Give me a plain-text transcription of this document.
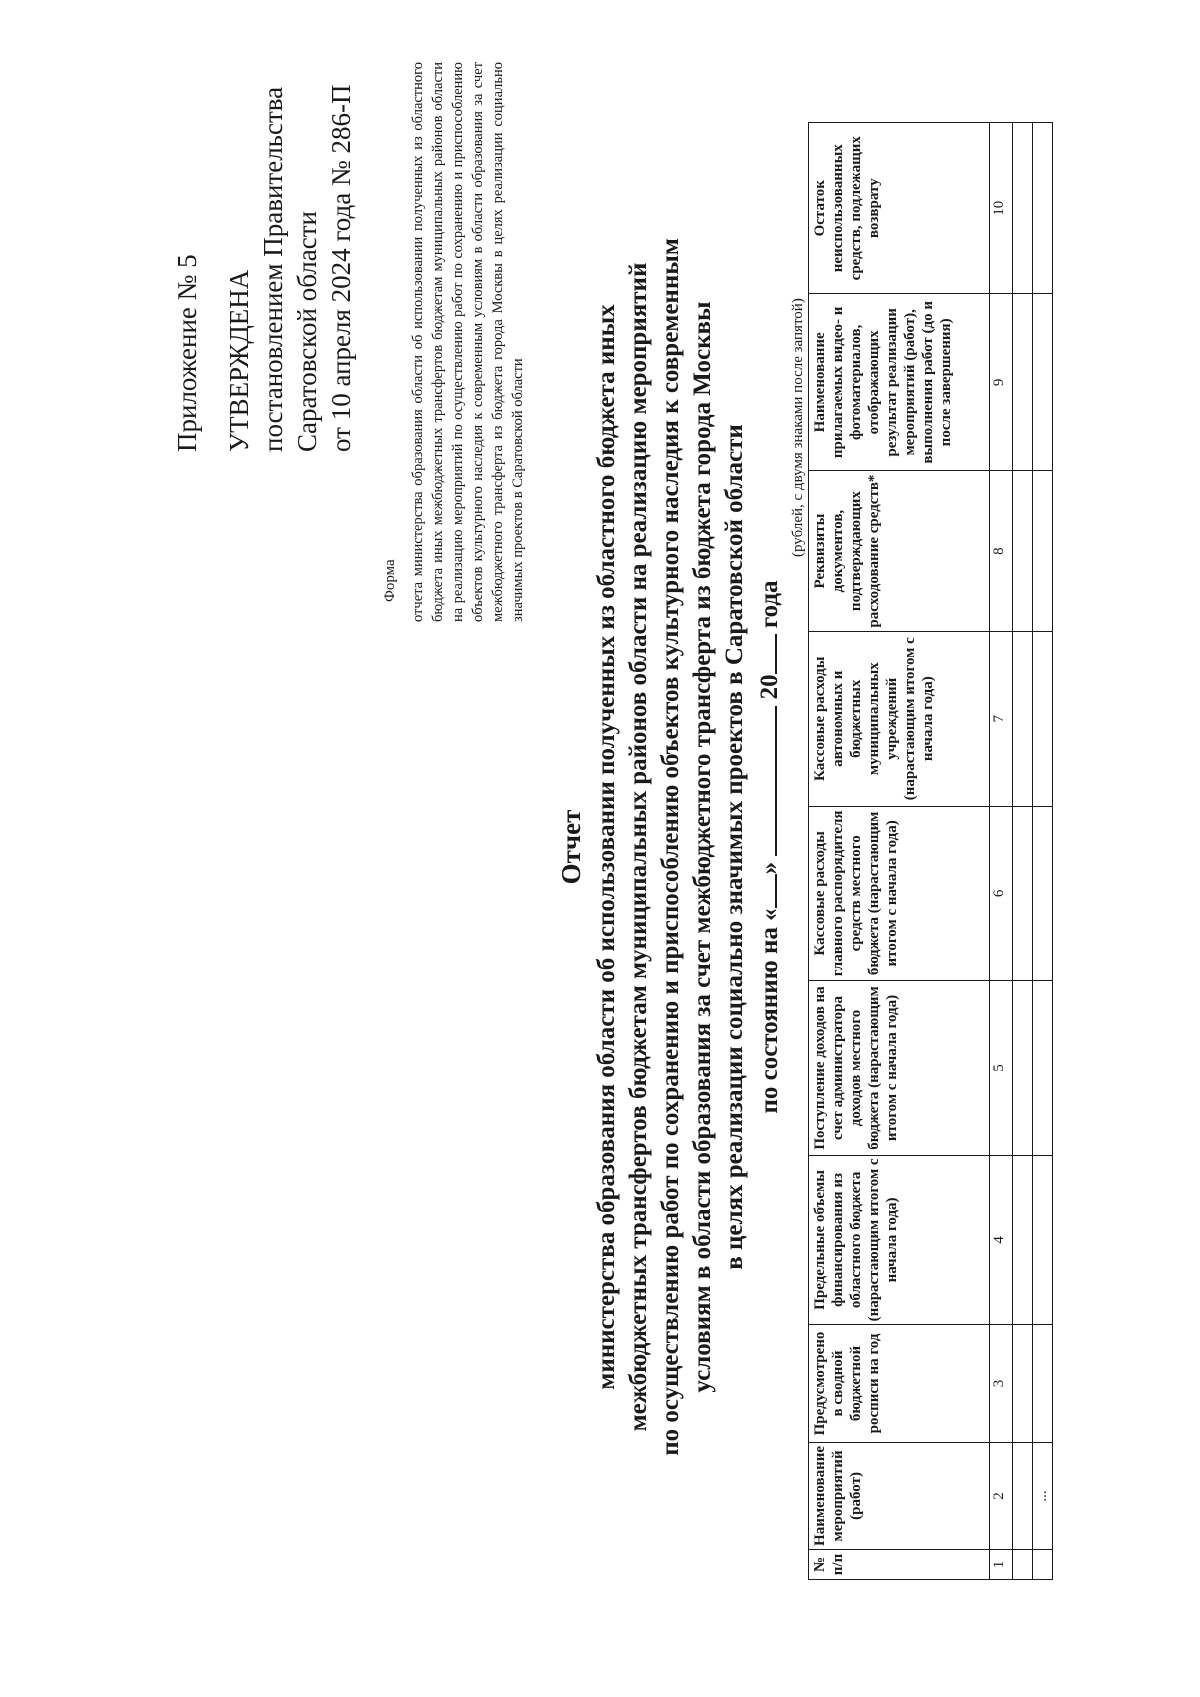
Приложение № 5 УТВЕРЖДЕНА постановлением Правительства Саратовской области от 10 апреля 2024 года № 286-П
Форма отчета министерства образования области об использовании полученных из областного бюджета иных межбюджетных трансфертов бюджетам муниципальных районов области на реализацию мероприятий по осуществлению работ по сохранению и приспособлению объектов культурного наследия к современным условиям в области образования за счет межбюджетного трансферта из бюджета города Москвы в целях реализации социально значимых проектов в Саратовской области
Отчет министерства образования области об использовании полученных из областного бюджета иных межбюджетных трансфертов бюджетам муниципальных районов области на реализацию мероприятий по осуществлению работ по сохранению и приспособлению объектов культурного наследия к современным условиям в области образования за счет межбюджетного трансферта из бюджета города Москвы в целях реализации социально значимых проектов в Саратовской области по состоянию на «»  20 года
(рублей, с двумя знаками после запятой)
№ п/п	Наименование мероприятий (работ)	Предусмотрено в сводной бюджетной росписи на год	Предельные объемы финансирования из областного бюджета (нарастающим итогом с начала года)	Поступление доходов на счет администратора доходов местного бюджета (нарастающим итогом с начала года)	Кассовые расходы главного распорядителя средств местного бюджета (нарастающим итогом с начала года)	Кассовые расходы автономных и бюджетных муниципальных учреждений (нарастающим итогом с начала года)	Реквизиты документов, подтверждающих расходование средств*	Наименование прилагаемых видео- и фотоматериалов, отображающих результат реализации мероприятий (работ), выполнения работ (до и после завершения)	Остаток неиспользованных средств, подлежащих возврату
1	2	3	4	5	6	7	8	9	10

	...								
